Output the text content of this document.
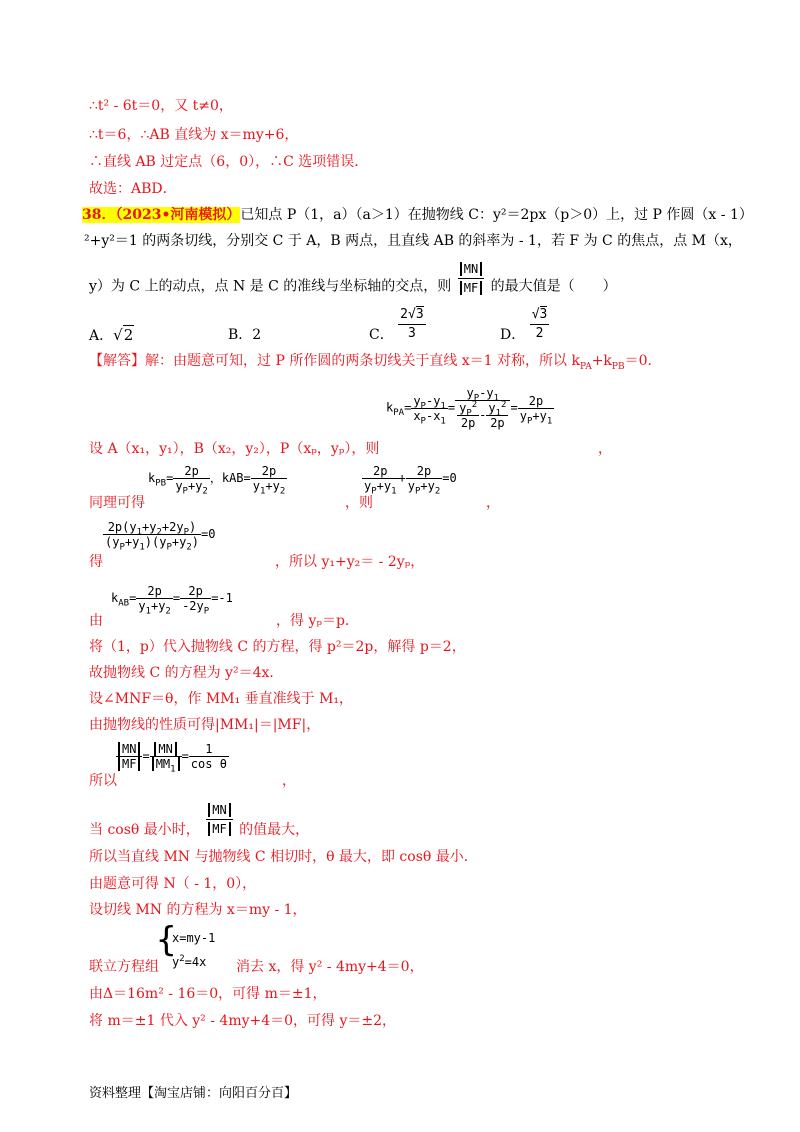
∴t² - 6t＝0，又 t≠0，
∴t＝6，∴AB 直线为 x＝my+6，
∴直线 AB 过定点（6，0），∴C 选项错误．
故选：ABD．
38．（2023•河南模拟）已知点 P（1，a）（a＞1）在抛物线 C：y²＝2px（p＞0）上，过 P 作圆（x - 1）
²+y²＝1 的两条切线，分别交 C 于 A，B 两点，且直线 AB 的斜率为 - 1，若 F 为 C 的焦点，点 M（x，
y）为 C 上的动点，点 N 是 C 的准线与坐标轴的交点，则 $\frac{MN}{MF}$ 的最大值是（　　）
A．√2	B．2	C． $\frac{2√3}{3}$	D． $\frac{√3}{2}$
【解答】解：由题意可知，过 P 所作圆的两条切线关于直线 x＝1 对称，所以 $k_{PA}+k_{PB}=0$．
$k_{PA}= \frac{y_P-y_1}{x_P-x_1} = \frac{y_P-y_1}{\frac{y_P^2}{2p} - \frac{y_1^2}{2p}} = \frac{2p}{y_P+y_1}$
设 A（x₁，y₁），B（x₂，y₂），P（xₚ，yₚ），则	，
$k_{PB}= \frac{2p}{y_P+y_2}$ ，$kAB= \frac{2p}{y_1+y_2}$
同理可得	，则
$\frac{2p}{y_P+y_1} + \frac{2p}{y_P+y_2} =0$
，
$\frac{2p(y_1+y_2+2y_P)}{(y_P+y_1)(y_P+y_2)} =0$
得	，所以 y₁+y₂＝ - 2yₚ，
$k_{AB}= \frac{2p}{y_1+y_2} = \frac{2p}{-2y_P} =-1$
由	，得 yₚ＝p．
将（1，p）代入抛物线 C 的方程，得 p²＝2p，解得 p＝2，
故抛物线 C 的方程为 y²＝4x．
设∠MNF＝θ，作 MM₁ 垂直准线于 M₁，
由抛物线的性质可得|MM₁|＝|MF|，
$\frac{MN}{MF} = \frac{MN}{MM_1} = \frac{1}{\text{cos θ}}$
所以	，
当 cosθ 最小时， $\frac{MN}{MF}$ 的值最大，
所以当直线 MN 与抛物线 C 相切时，θ 最大，即 cosθ 最小．
由题意可得 N（ - 1，0），
设切线 MN 的方程为 x＝my - 1，
{
x=my-1
$y^2=4x$
联立方程组	消去 x，得 y² - 4my+4＝0，
由Δ＝16m² - 16＝0，可得 m＝±1，
将 m＝±1 代入 y² - 4my+4＝0，可得 y＝±2，
资料整理【淘宝店铺：向阳百分百】
